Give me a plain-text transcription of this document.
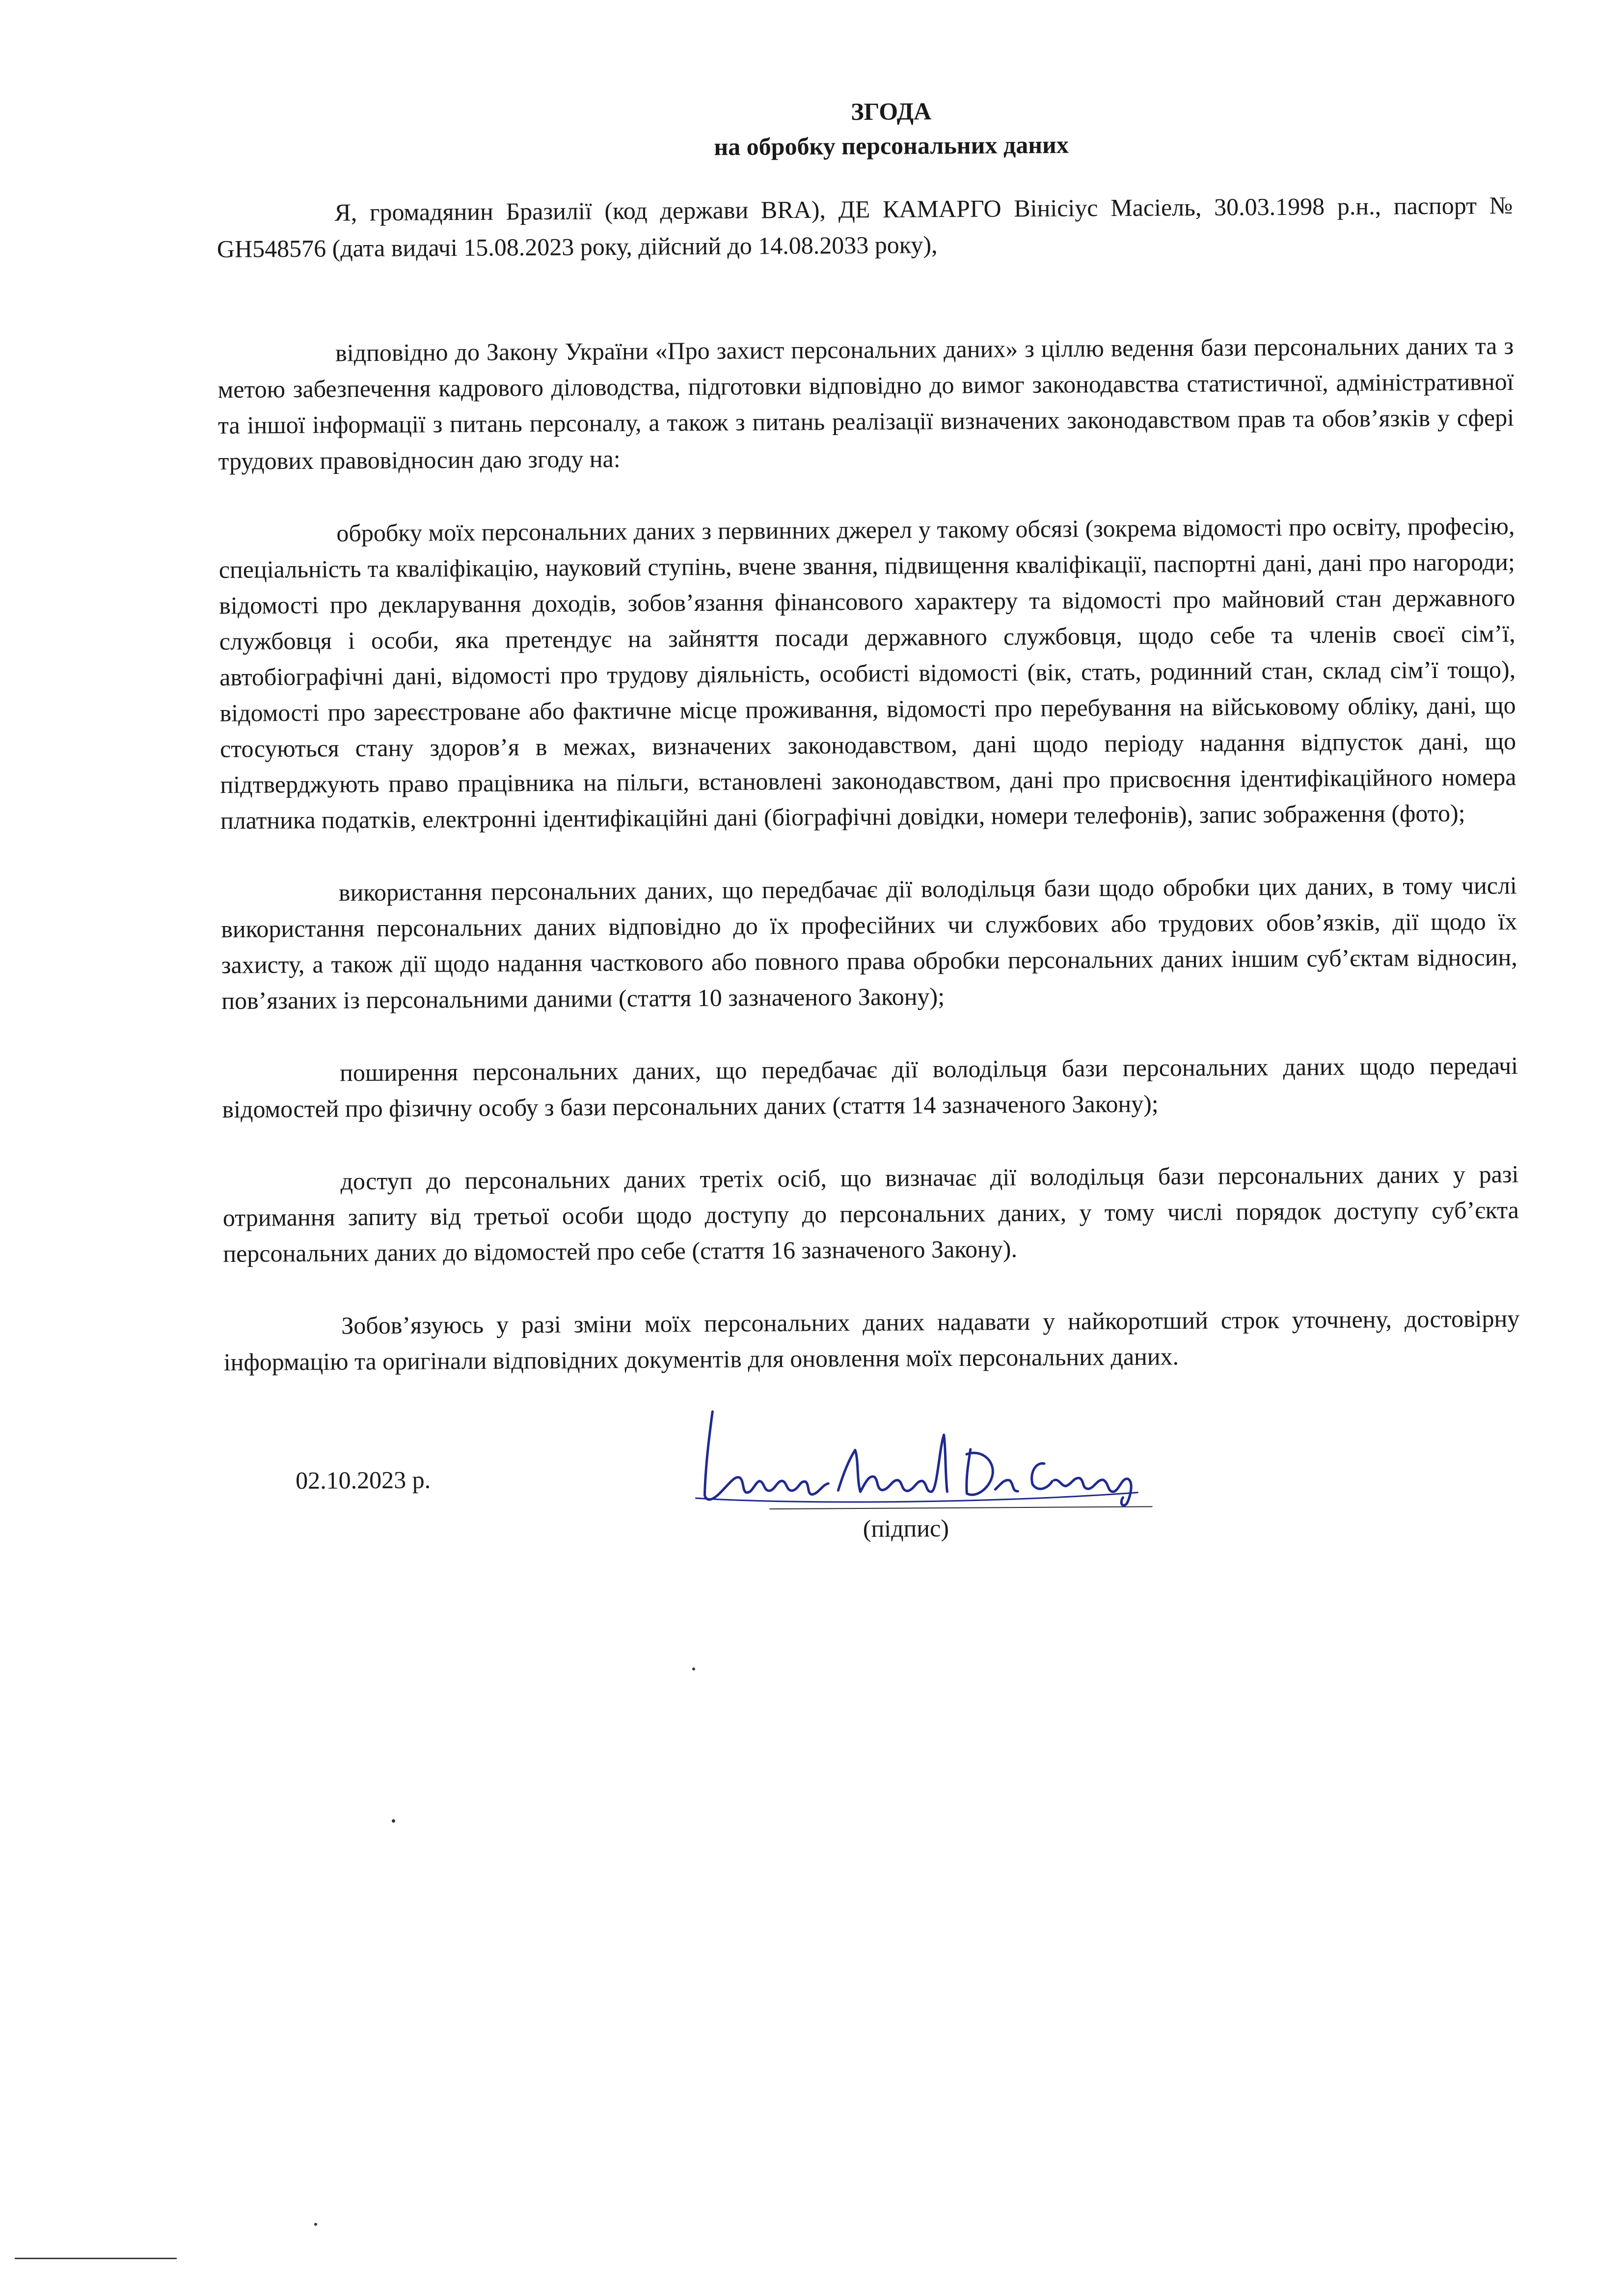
ЗГОДА
на обробку персональних даних

Я, громадянин Бразилії (код держави BRA), ДЕ КАМАРГО Вінісіус Масіель, 30.03.1998 р.н., паспорт № GH548576 (дата видачі 15.08.2023 року, дійсний до 14.08.2033 року),

відповідно до Закону України «Про захист персональних даних» з ціллю ведення бази персональних даних та з метою забезпечення кадрового діловодства, підготовки відповідно до вимог законодавства статистичної, адміністративної та іншої інформації з питань персоналу, а також з питань реалізації визначених законодавством прав та обов’язків у сфері трудових правовідносин даю згоду на:

обробку моїх персональних даних з первинних джерел у такому обсязі (зокрема відомості про освіту, професію, спеціальність та кваліфікацію, науковий ступінь, вчене звання, підвищення кваліфікації, паспортні дані, дані про нагороди; відомості про декларування доходів, зобов’язання фінансового характеру та відомості про майновий стан державного службовця і особи, яка претендує на зайняття посади державного службовця, щодо себе та членів своєї сім’ї, автобіографічні дані, відомості про трудову діяльність, особисті відомості (вік, стать, родинний стан, склад сім’ї тощо), відомості про зареєстроване або фактичне місце проживання, відомості про перебування на військовому обліку, дані, що стосуються стану здоров’я в межах, визначених законодавством, дані щодо періоду надання відпусток дані, що підтверджують право працівника на пільги, встановлені законодавством, дані про присвоєння ідентифікаційного номера платника податків, електронні ідентифікаційні дані (біографічні довідки, номери телефонів), запис зображення (фото);

використання персональних даних, що передбачає дії володільця бази щодо обробки цих даних, в тому числі використання персональних даних відповідно до їх професійних чи службових або трудових обов’язків, дії щодо їх захисту, а також дії щодо надання часткового або повного права обробки персональних даних іншим суб’єктам відносин, пов’язаних із персональними даними (стаття 10 зазначеного Закону);

поширення персональних даних, що передбачає дії володільця бази персональних даних щодо передачі відомостей про фізичну особу з бази персональних даних (стаття 14 зазначеного Закону);

доступ до персональних даних третіх осіб, що визначає дії володільця бази персональних даних у разі отримання запиту від третьої особи щодо доступу до персональних даних, у тому числі порядок доступу суб’єкта персональних даних до відомостей про себе (стаття 16 зазначеного Закону).

Зобов’язуюсь у разі зміни моїх персональних даних надавати у найкоротший строк уточнену, достовірну інформацію та оригінали відповідних документів для оновлення моїх персональних даних.

02.10.2023 р.
(підпис)
